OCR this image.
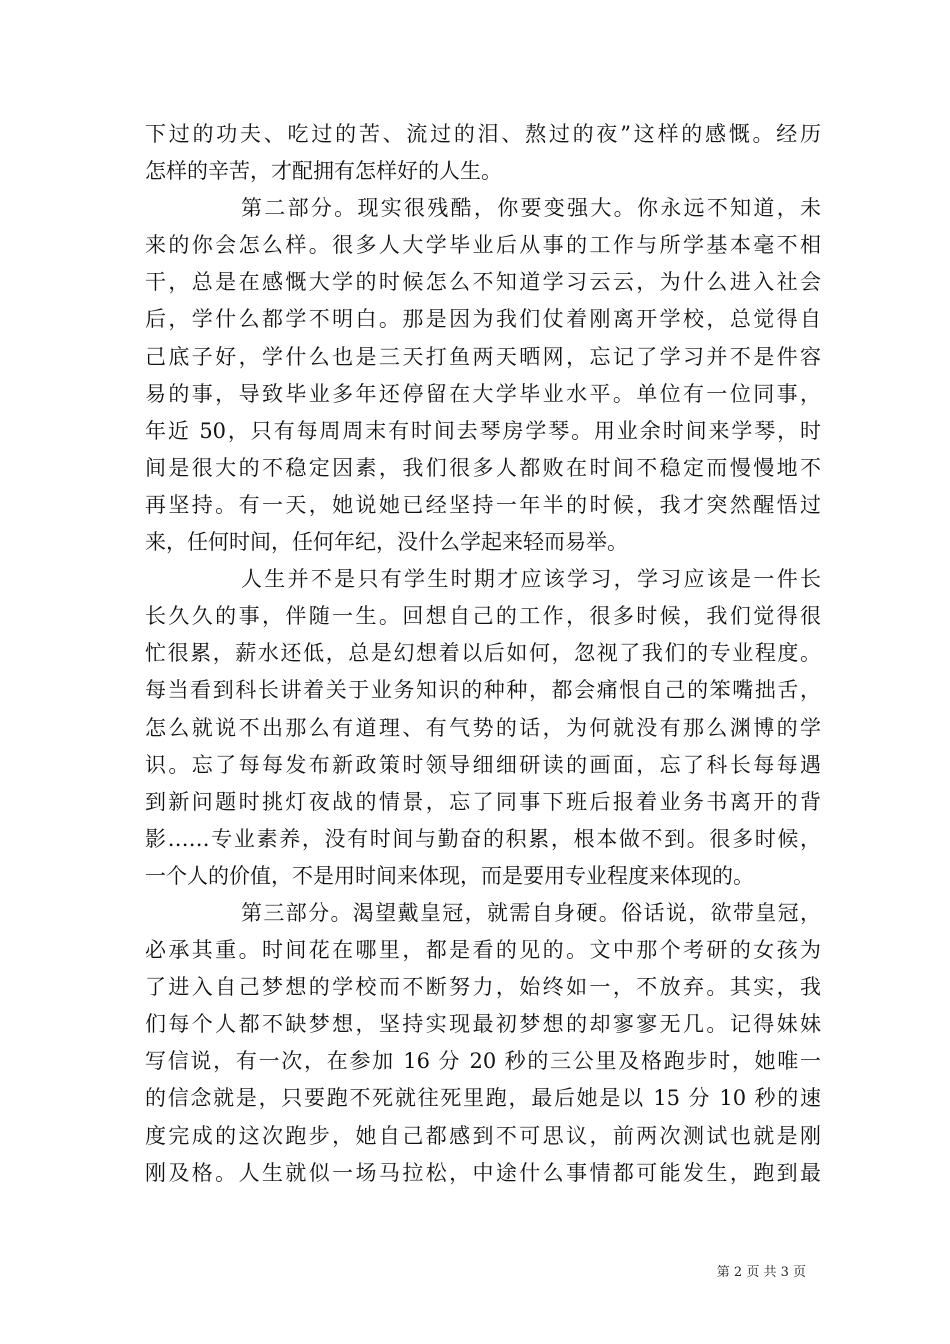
下过的功夫、吃过的苦、流过的泪、熬过的夜”这样的感慨。经历
怎样的辛苦，才配拥有怎样好的人生。
第二部分。现实很残酷，你要变强大。你永远不知道，未
来的你会怎么样。很多人大学毕业后从事的工作与所学基本毫不相
干，总是在感慨大学的时候怎么不知道学习云云，为什么进入社会
后，学什么都学不明白。那是因为我们仗着刚离开学校，总觉得自
己底子好，学什么也是三天打鱼两天晒网，忘记了学习并不是件容
易的事，导致毕业多年还停留在大学毕业水平。单位有一位同事，
年近 50，只有每周周末有时间去琴房学琴。用业余时间来学琴，时
间是很大的不稳定因素，我们很多人都败在时间不稳定而慢慢地不
再坚持。有一天，她说她已经坚持一年半的时候，我才突然醒悟过
来，任何时间，任何年纪，没什么学起来轻而易举。
人生并不是只有学生时期才应该学习，学习应该是一件长
长久久的事，伴随一生。回想自己的工作，很多时候，我们觉得很
忙很累，薪水还低，总是幻想着以后如何，忽视了我们的专业程度。
每当看到科长讲着关于业务知识的种种，都会痛恨自己的笨嘴拙舌，
怎么就说不出那么有道理、有气势的话，为何就没有那么渊博的学
识。忘了每每发布新政策时领导细细研读的画面，忘了科长每每遇
到新问题时挑灯夜战的情景，忘了同事下班后报着业务书离开的背
影……专业素养，没有时间与勤奋的积累，根本做不到。很多时候，
一个人的价值，不是用时间来体现，而是要用专业程度来体现的。
第三部分。渴望戴皇冠，就需自身硬。俗话说，欲带皇冠，
必承其重。时间花在哪里，都是看的见的。文中那个考研的女孩为
了进入自己梦想的学校而不断努力，始终如一，不放弃。其实，我
们每个人都不缺梦想，坚持实现最初梦想的却寥寥无几。记得妹妹
写信说，有一次，在参加 16 分 20 秒的三公里及格跑步时，她唯一
的信念就是，只要跑不死就往死里跑，最后她是以 15 分 10 秒的速
度完成的这次跑步，她自己都感到不可思议，前两次测试也就是刚
刚及格。人生就似一场马拉松，中途什么事情都可能发生，跑到最
第 2 页 共 3 页
